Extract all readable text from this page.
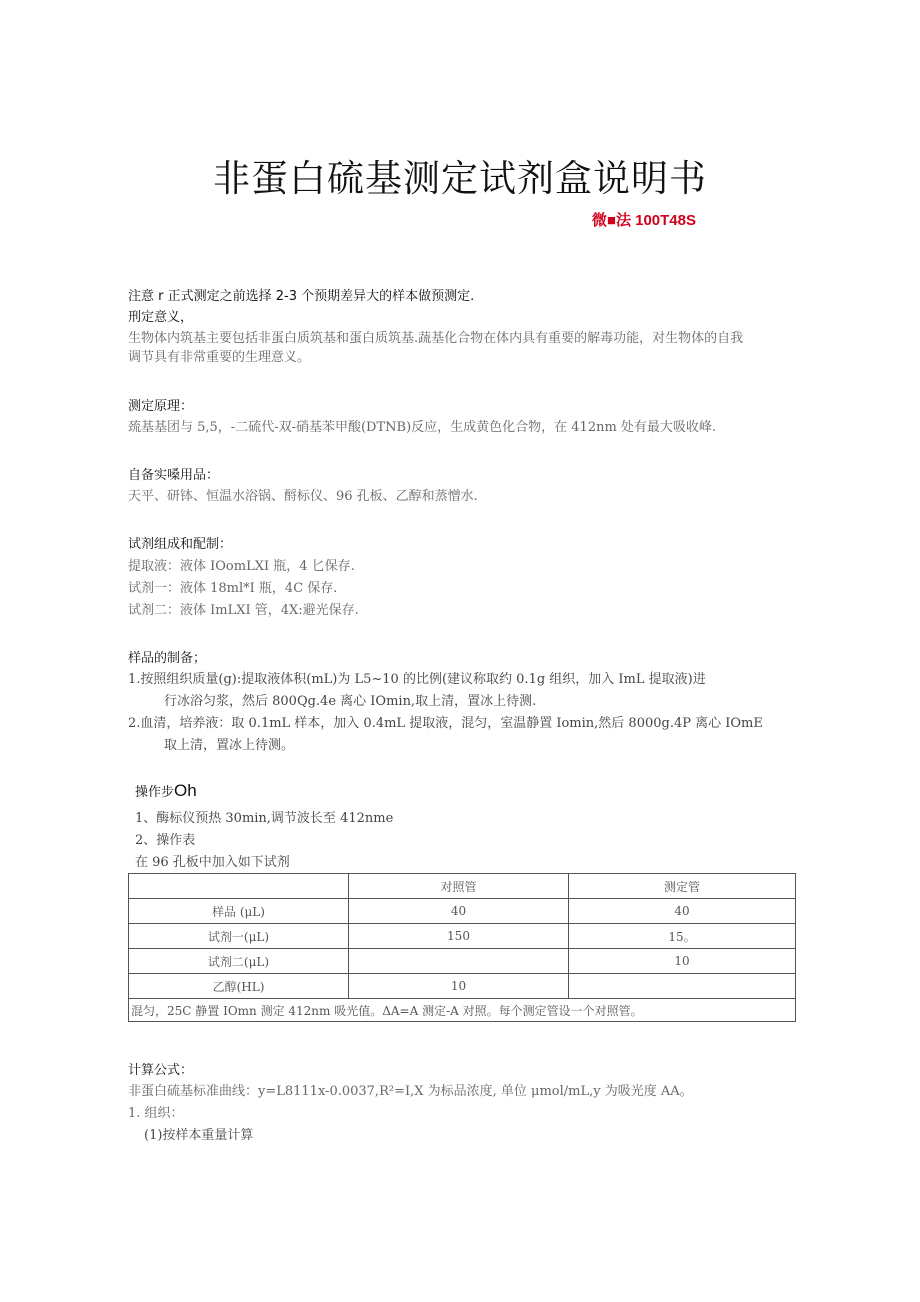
非蛋白硫基测定试剂盒说明书
微■法 100T48S
注意 r 正式测定之前选择 2-3 个预期差异大的样本做预测定.
刑定意义，
生物体内筑基主要包括非蛋白质筑基和蛋白质筑基.蔬基化合物在体内具有重要的解毒功能，对生物体的自我
调节具有非常重要的生理意义。
测定原理：
巯基基团与 5,5，-二硫代-双-硝基苯甲酸(DTNB)反应，生成黄色化合物，在 412nm 处有最大吸收峰.
自备实嗓用品：
天平、研钵、恒温水浴锅、酹标仪、96 孔板、乙醇和蒸憎水.
试剂组成和配制：
提取液：液体 IOomLXI 瓶，4 匕保存.
试剂一：液体 18ml*I 瓶，4C 保存.
试剂二：液体 ImLXI 管，4X:避光保存.
样品的制备；
1.按照组织质量(g):提取液体积(mL)为 L5~10 的比例(建议称取约 0.1g 组织，加入 ImL 提取液)进
行冰浴匀浆，然后 800Qg.4e 离心 IOmin,取上清，置冰上待测.
2.血清，培养液：取 0.1mL 样本，加入 0.4mL 提取液，混匀，室温静置 Iomin,然后 8000g.4P 离心 IOmE
取上清，置冰上待测。
操作步Oh
1、酶标仪预热 30min,调节波长至 412nme
2、操作表
在 96 孔板中加入如下试剂
	对照管	测定管
样品 (μL)	40	40
试剂一(μL)	150	15。
试剂二(μL)		10
乙醇(HL)	10	
混匀，25C 静置 IOmn 测定 412nm 吸光值。ΔA=A 测定-A 对照。每个测定管设一个对照管。		
计算公式：
非蛋白硫基标准曲线：y=L8111x-0.0037,R²=I,X 为标品浓度, 单位 μmol/mL,y 为吸光度 AA。
1. 组织：
(1)按样本重量计算
